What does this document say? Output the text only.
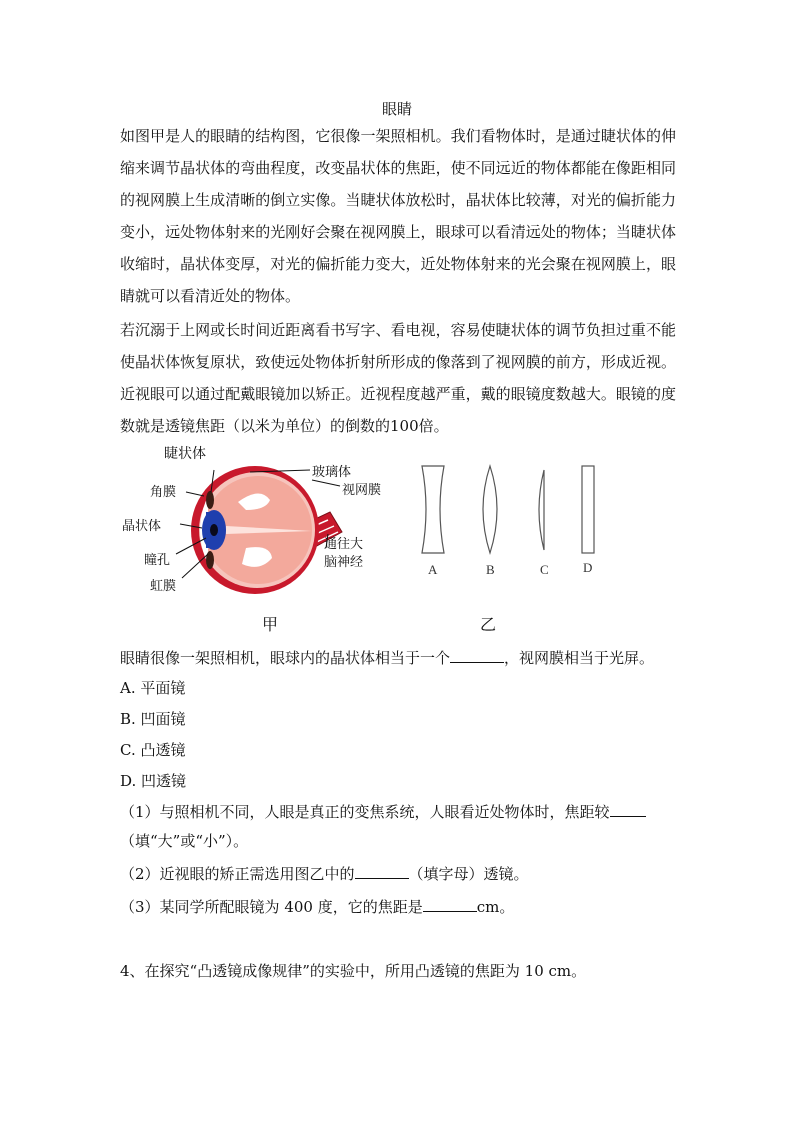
眼睛

如图甲是人的眼睛的结构图，它很像一架照相机。我们看物体时，是通过睫状体的伸缩来调节晶状体的弯曲程度，改变晶状体的焦距，使不同远近的物体都能在像距相同的视网膜上生成清晰的倒立实像。当睫状体放松时，晶状体比较薄，对光的偏折能力变小，远处物体射来的光刚好会聚在视网膜上，眼球可以看清远处的物体；当睫状体收缩时，晶状体变厚，对光的偏折能力变大，近处物体射来的光会聚在视网膜上，眼睛就可以看清近处的物体。

若沉溺于上网或长时间近距离看书写字、看电视，容易使睫状体的调节负担过重不能使晶状体恢复原状，致使远处物体折射所形成的像落到了视网膜的前方，形成近视。近视眼可以通过配戴眼镜加以矫正。近视程度越严重，戴的眼镜度数越大。眼镜的度数就是透镜焦距（以米为单位）的倒数的100倍。

睫状体
角膜
晶状体
瞳孔
虹膜
玻璃体
视网膜
通往大
脑神经
甲
A	B	C	D
乙
眼睛很像一架照相机，眼球内的晶状体相当于一个	，视网膜相当于光屏。
A. 平面镜
B. 凹面镜
C. 凸透镜
D. 凹透镜
（1）与照相机不同，人眼是真正的变焦系统，人眼看近处物体时，焦距较
（填“大”或“小”）。
（2）近视眼的矫正需选用图乙中的	（填字母）透镜。
（3）某同学所配眼镜为 400 度，它的焦距是	cm。
4、在探究“凸透镜成像规律”的实验中，所用凸透镜的焦距为 10 cm。
